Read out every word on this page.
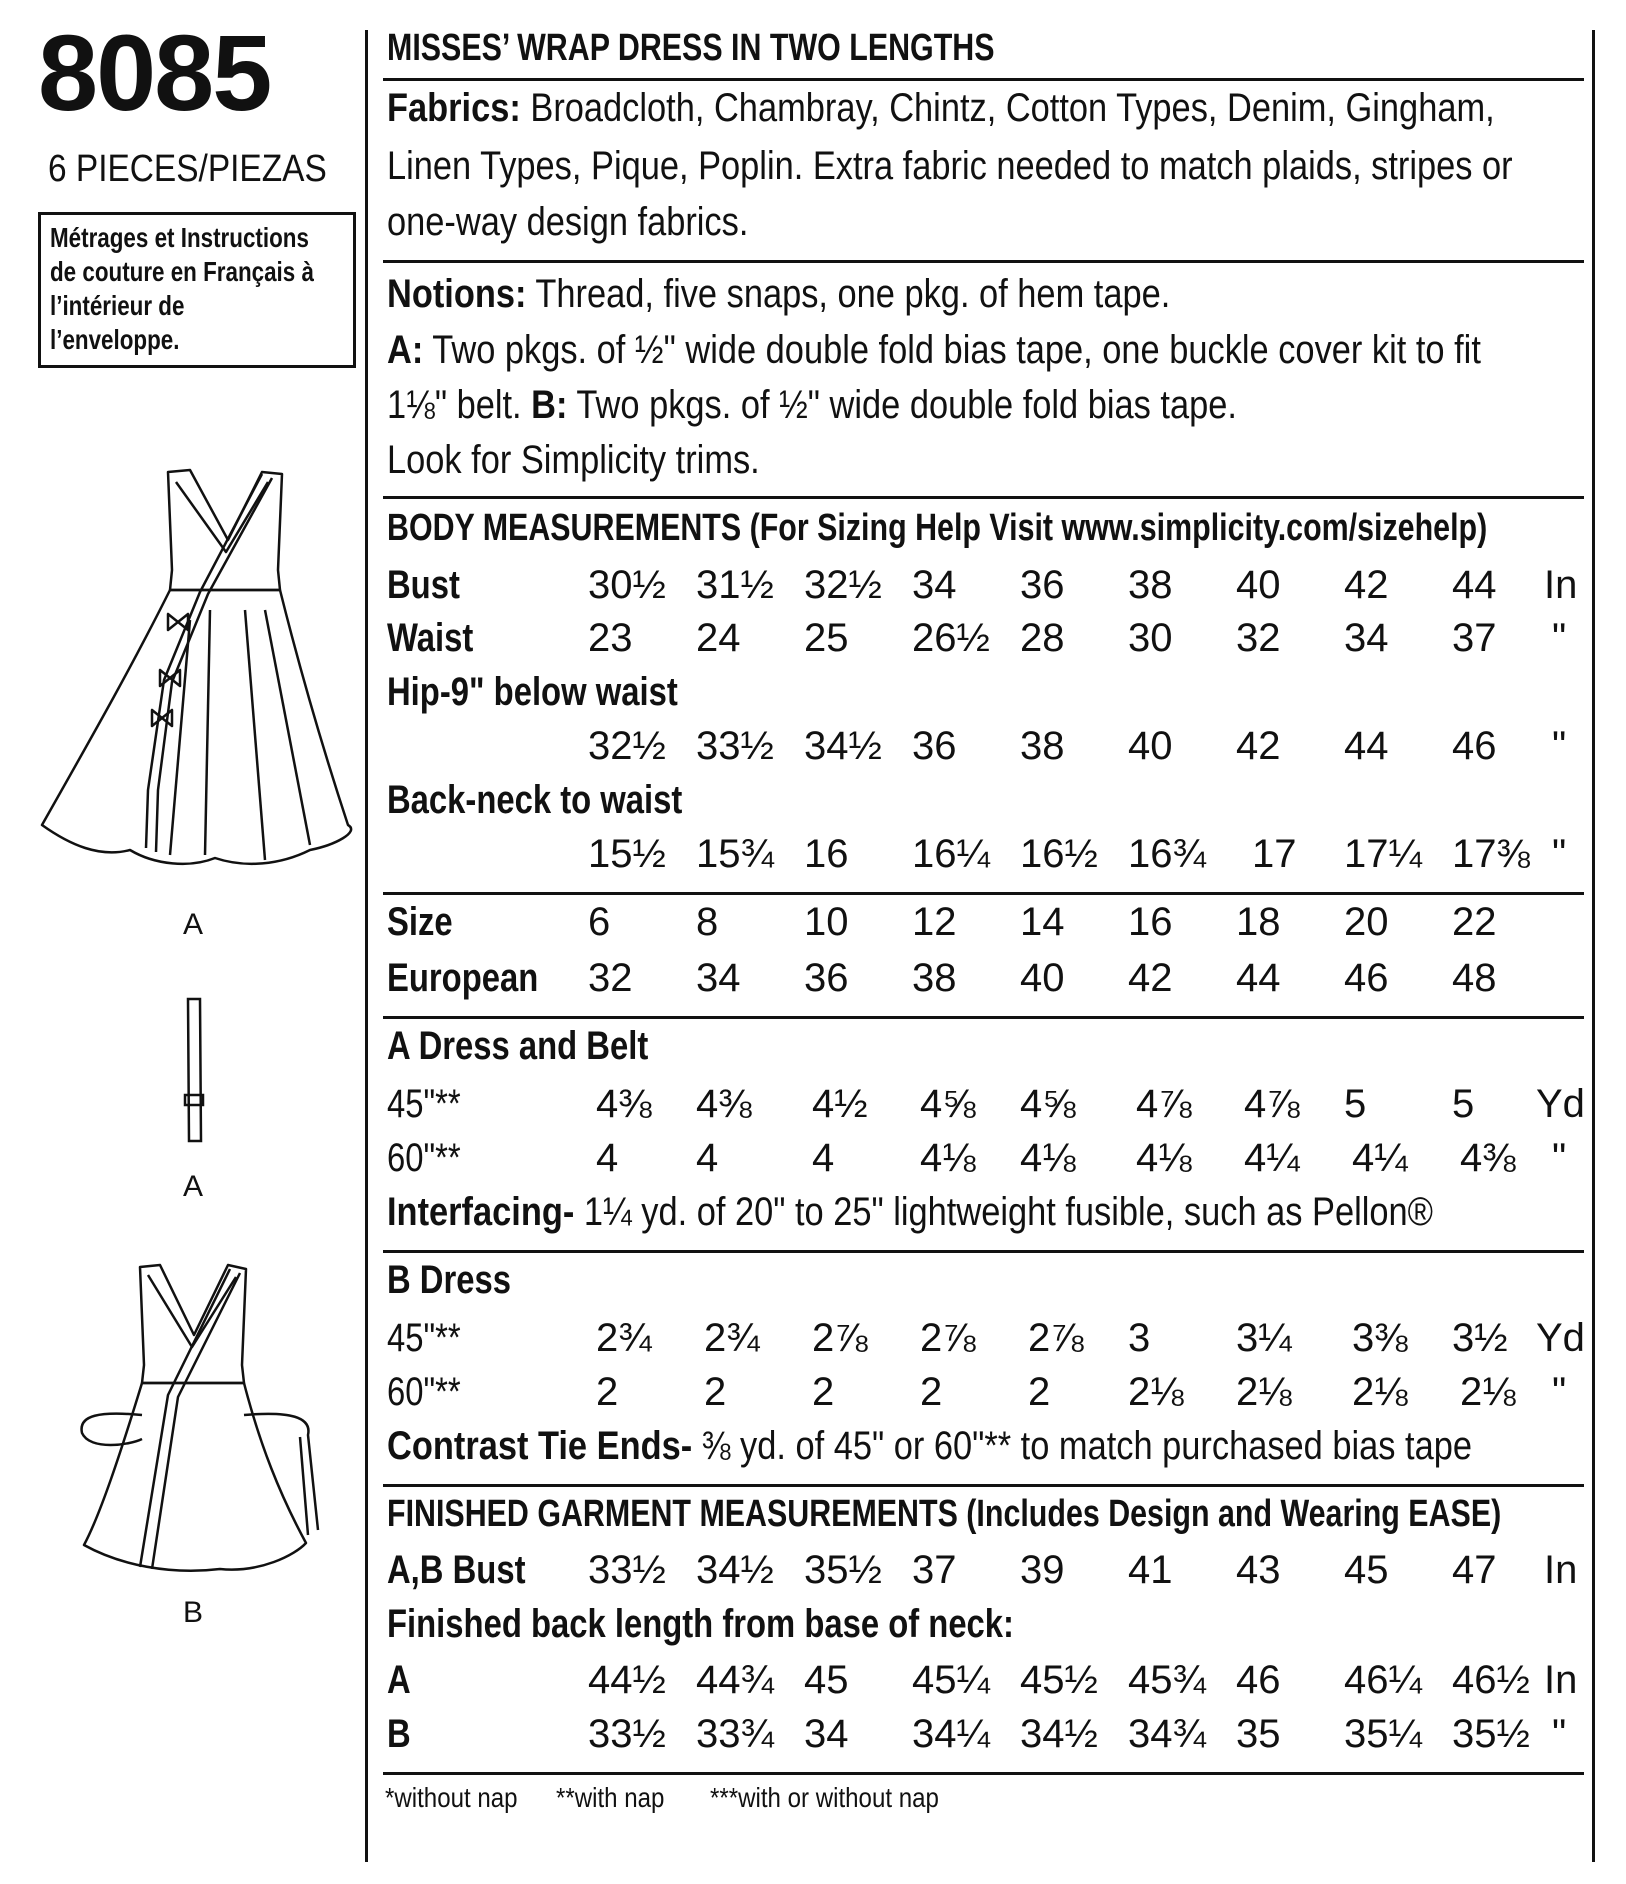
8085
6 PIECES/PIEZAS
Métrages et Instructions
de couture en Français à
l’intérieur de
l’enveloppe.
A
A
B
MISSES’ WRAP DRESS IN TWO LENGTHS
Fabrics: Broadcloth, Chambray, Chintz, Cotton Types, Denim, Gingham,
Linen Types, Pique, Poplin. Extra fabric needed to match plaids, stripes or
one-way design fabrics.
Notions: Thread, five snaps, one pkg. of hem tape.
A: Two pkgs. of ½" wide double fold bias tape, one buckle cover kit to fit
1⅛" belt. B: Two pkgs. of ½" wide double fold bias tape.
Look for Simplicity trims.
BODY MEASUREMENTS (For Sizing Help Visit www.simplicity.com/sizehelp)
Bust	30½ 31½ 32½ 34 36 38 40 42 44 In
Waist	23 24 25 26½ 28 30 32 34 37 "
Hip-9" below waist
32½ 33½ 34½ 36 38 40 42 44 46 "
Back-neck to waist
15½ 15¾ 16 16¼ 16½ 16¾ 17 17¼ 17⅜ "
Size	6 8 10 12 14 16 18 20 22
European 32 34 36 38 40 42 44 46 48
A Dress and Belt
45"**	4⅜ 4⅜ 4½ 4⅝ 4⅝ 4⅞ 4⅞ 5 5 Yd
60"**	4 4 4 4⅛ 4⅛ 4⅛ 4¼ 4¼ 4⅜ "
Interfacing- 1¼ yd. of 20" to 25" lightweight fusible, such as Pellon®
B Dress
45"**	2¾ 2¾ 2⅞ 2⅞ 2⅞ 3 3¼ 3⅜ 3½ Yd
60"**	2 2 2 2 2 2⅛ 2⅛ 2⅛ 2⅛ "
Contrast Tie Ends- ⅜ yd. of 45" or 60"** to match purchased bias tape
FINISHED GARMENT MEASUREMENTS (Includes Design and Wearing EASE)
A,B Bust 33½ 34½ 35½ 37 39 41 43 45 47 In
Finished back length from base of neck:
A	44½ 44¾ 45 45¼ 45½ 45¾ 46 46¼ 46½ In
B	33½ 33¾ 34 34¼ 34½ 34¾ 35 35¼ 35½ "
*without nap **with nap ***with or without nap
